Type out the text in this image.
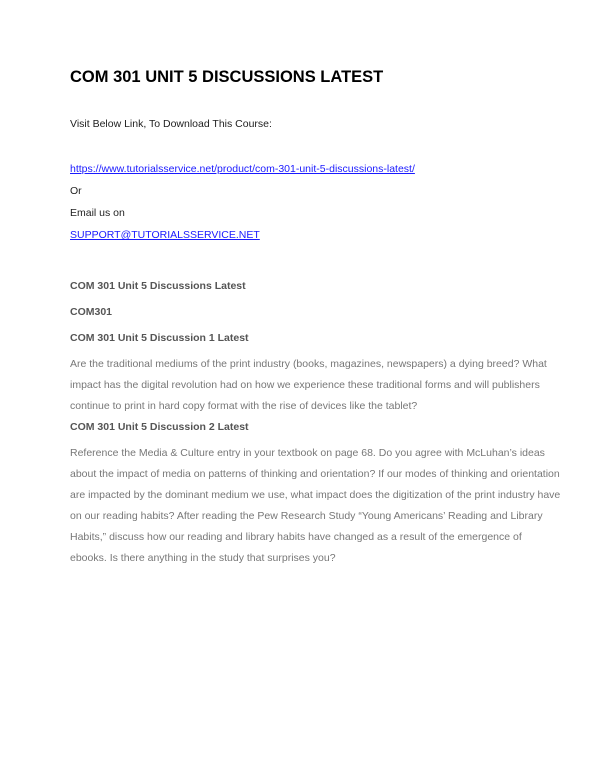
COM 301 UNIT 5 DISCUSSIONS LATEST

Visit Below Link, To Download This Course:

https://www.tutorialsservice.net/product/com-301-unit-5-discussions-latest/

Or

Email us on

SUPPORT@TUTORIALSSERVICE.NET
COM 301 Unit 5 Discussions Latest
COM301
COM 301 Unit 5 Discussion 1 Latest
Are the traditional mediums of the print industry (books, magazines, newspapers) a dying breed? What
impact has the digital revolution had on how we experience these traditional forms and will publishers
continue to print in hard copy format with the rise of devices like the tablet?
COM 301 Unit 5 Discussion 2 Latest
Reference the Media & Culture entry in your textbook on page 68. Do you agree with McLuhan’s ideas
about the impact of media on patterns of thinking and orientation? If our modes of thinking and orientation
are impacted by the dominant medium we use, what impact does the digitization of the print industry have
on our reading habits? After reading the Pew Research Study “Young Americans’ Reading and Library
Habits,” discuss how our reading and library habits have changed as a result of the emergence of
ebooks. Is there anything in the study that surprises you?
